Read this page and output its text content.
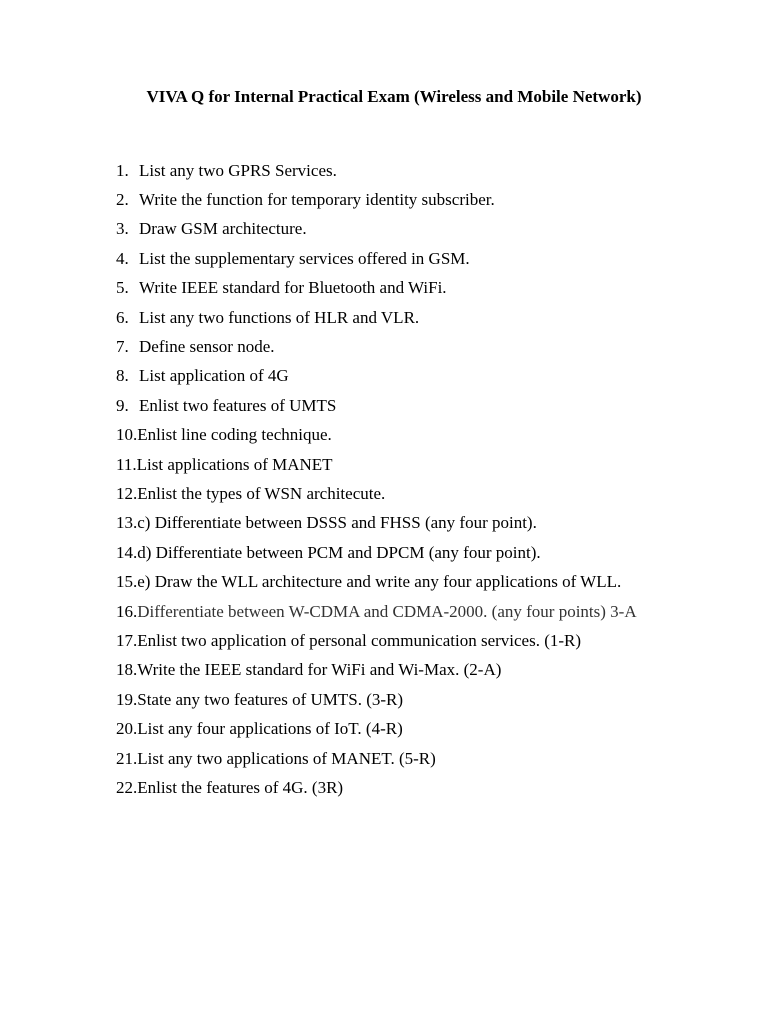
VIVA Q for Internal Practical Exam (Wireless and Mobile Network)
1. List any two GPRS Services.
2. Write the function for temporary identity subscriber.
3. Draw GSM architecture.
4. List the supplementary services offered in GSM.
5. Write IEEE standard for Bluetooth and WiFi.
6. List any two functions of HLR and VLR.
7. Define sensor node.
8. List application of 4G
9. Enlist two features of UMTS
10. Enlist line coding technique.
11. List applications of MANET
12. Enlist the types of WSN architecute.
13. c) Differentiate between DSSS and FHSS (any four point).
14. d) Differentiate between PCM and DPCM (any four point).
15. e) Draw the WLL architecture and write any four applications of WLL.
16. Differentiate between W-CDMA and CDMA-2000. (any four points) 3-A
17. Enlist two application of personal communication services. (1-R)
18. Write the IEEE standard for WiFi and Wi-Max. (2-A)
19. State any two features of UMTS. (3-R)
20. List any four applications of IoT. (4-R)
21. List any two applications of MANET. (5-R)
22. Enlist the features of 4G. (3R)
